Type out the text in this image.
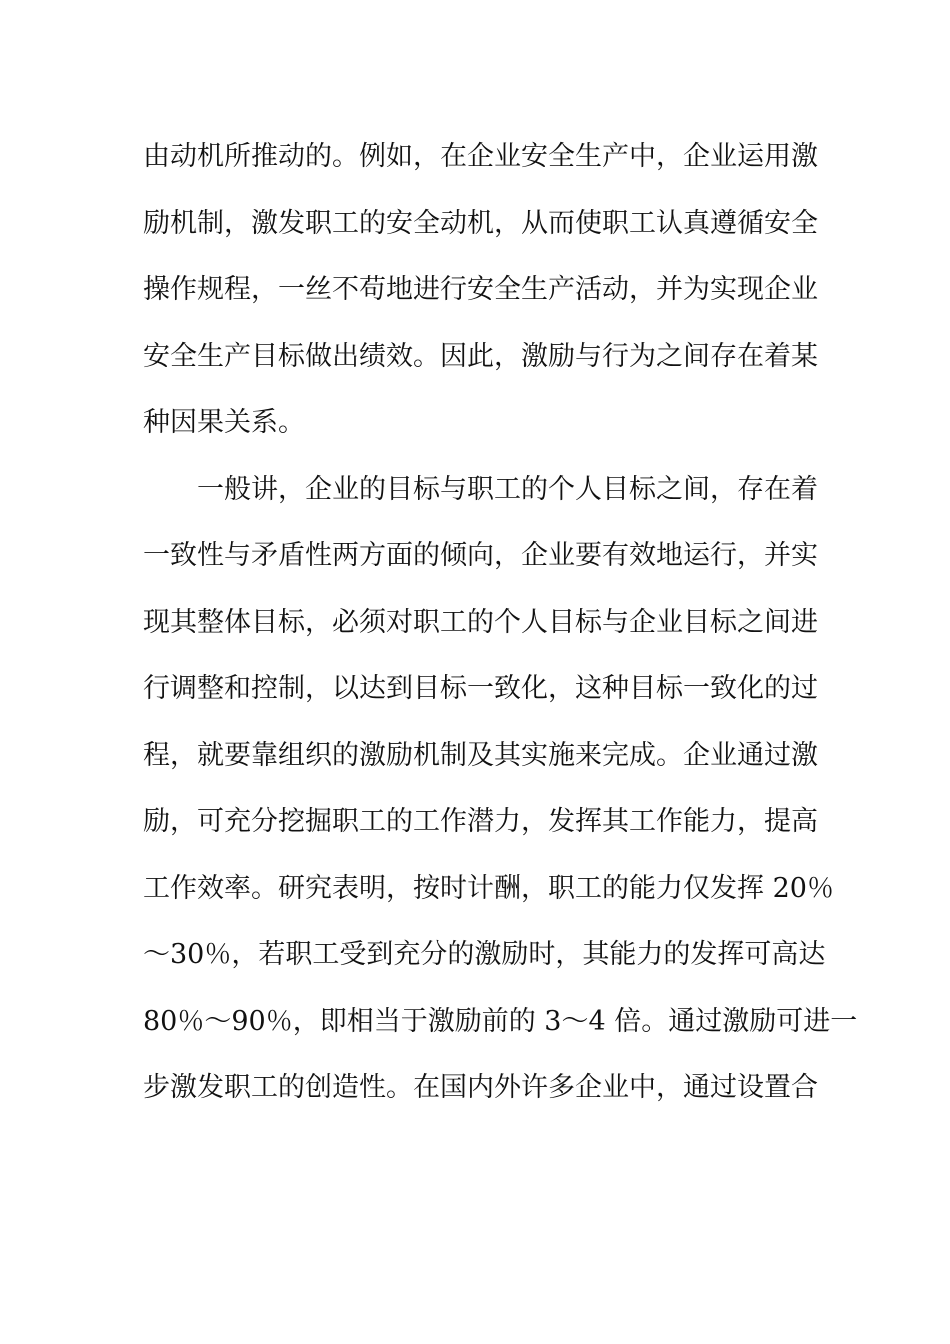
由动机所推动的。例如，在企业安全生产中，企业运用激
励机制，激发职工的安全动机，从而使职工认真遵循安全
操作规程，一丝不苟地进行安全生产活动，并为实现企业
安全生产目标做出绩效。因此，激励与行为之间存在着某
种因果关系。
一般讲，企业的目标与职工的个人目标之间，存在着
一致性与矛盾性两方面的倾向，企业要有效地运行，并实
现其整体目标，必须对职工的个人目标与企业目标之间进
行调整和控制，以达到目标一致化，这种目标一致化的过
程，就要靠组织的激励机制及其实施来完成。企业通过激
励，可充分挖掘职工的工作潜力，发挥其工作能力，提高
工作效率。研究表明，按时计酬，职工的能力仅发挥 20％
～30％，若职工受到充分的激励时，其能力的发挥可高达
80％～90％，即相当于激励前的 3～4 倍。通过激励可进一
步激发职工的创造性。在国内外许多企业中，通过设置合
